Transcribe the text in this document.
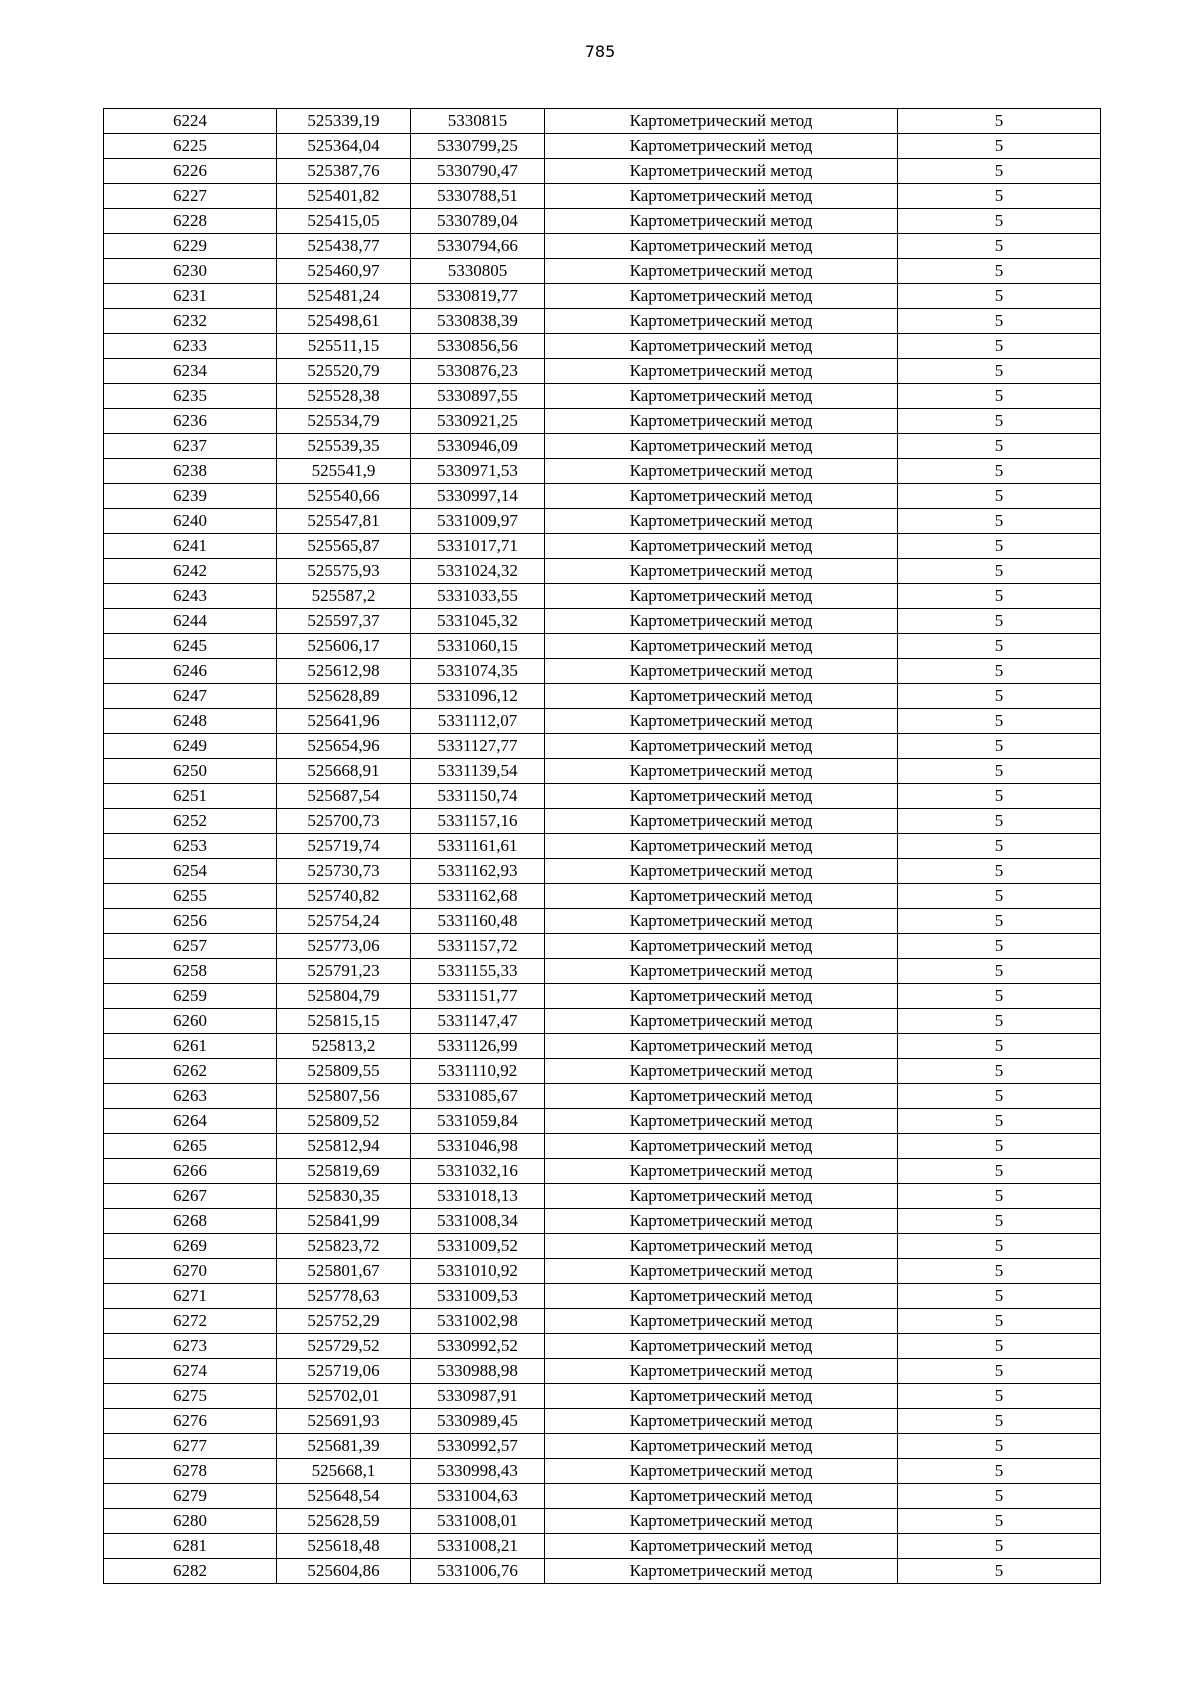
785
6224	525339,19	5330815	Картометрический метод	5
6225	525364,04	5330799,25	Картометрический метод	5
6226	525387,76	5330790,47	Картометрический метод	5
6227	525401,82	5330788,51	Картометрический метод	5
6228	525415,05	5330789,04	Картометрический метод	5
6229	525438,77	5330794,66	Картометрический метод	5
6230	525460,97	5330805	Картометрический метод	5
6231	525481,24	5330819,77	Картометрический метод	5
6232	525498,61	5330838,39	Картометрический метод	5
6233	525511,15	5330856,56	Картометрический метод	5
6234	525520,79	5330876,23	Картометрический метод	5
6235	525528,38	5330897,55	Картометрический метод	5
6236	525534,79	5330921,25	Картометрический метод	5
6237	525539,35	5330946,09	Картометрический метод	5
6238	525541,9	5330971,53	Картометрический метод	5
6239	525540,66	5330997,14	Картометрический метод	5
6240	525547,81	5331009,97	Картометрический метод	5
6241	525565,87	5331017,71	Картометрический метод	5
6242	525575,93	5331024,32	Картометрический метод	5
6243	525587,2	5331033,55	Картометрический метод	5
6244	525597,37	5331045,32	Картометрический метод	5
6245	525606,17	5331060,15	Картометрический метод	5
6246	525612,98	5331074,35	Картометрический метод	5
6247	525628,89	5331096,12	Картометрический метод	5
6248	525641,96	5331112,07	Картометрический метод	5
6249	525654,96	5331127,77	Картометрический метод	5
6250	525668,91	5331139,54	Картометрический метод	5
6251	525687,54	5331150,74	Картометрический метод	5
6252	525700,73	5331157,16	Картометрический метод	5
6253	525719,74	5331161,61	Картометрический метод	5
6254	525730,73	5331162,93	Картометрический метод	5
6255	525740,82	5331162,68	Картометрический метод	5
6256	525754,24	5331160,48	Картометрический метод	5
6257	525773,06	5331157,72	Картометрический метод	5
6258	525791,23	5331155,33	Картометрический метод	5
6259	525804,79	5331151,77	Картометрический метод	5
6260	525815,15	5331147,47	Картометрический метод	5
6261	525813,2	5331126,99	Картометрический метод	5
6262	525809,55	5331110,92	Картометрический метод	5
6263	525807,56	5331085,67	Картометрический метод	5
6264	525809,52	5331059,84	Картометрический метод	5
6265	525812,94	5331046,98	Картометрический метод	5
6266	525819,69	5331032,16	Картометрический метод	5
6267	525830,35	5331018,13	Картометрический метод	5
6268	525841,99	5331008,34	Картометрический метод	5
6269	525823,72	5331009,52	Картометрический метод	5
6270	525801,67	5331010,92	Картометрический метод	5
6271	525778,63	5331009,53	Картометрический метод	5
6272	525752,29	5331002,98	Картометрический метод	5
6273	525729,52	5330992,52	Картометрический метод	5
6274	525719,06	5330988,98	Картометрический метод	5
6275	525702,01	5330987,91	Картометрический метод	5
6276	525691,93	5330989,45	Картометрический метод	5
6277	525681,39	5330992,57	Картометрический метод	5
6278	525668,1	5330998,43	Картометрический метод	5
6279	525648,54	5331004,63	Картометрический метод	5
6280	525628,59	5331008,01	Картометрический метод	5
6281	525618,48	5331008,21	Картометрический метод	5
6282	525604,86	5331006,76	Картометрический метод	5
